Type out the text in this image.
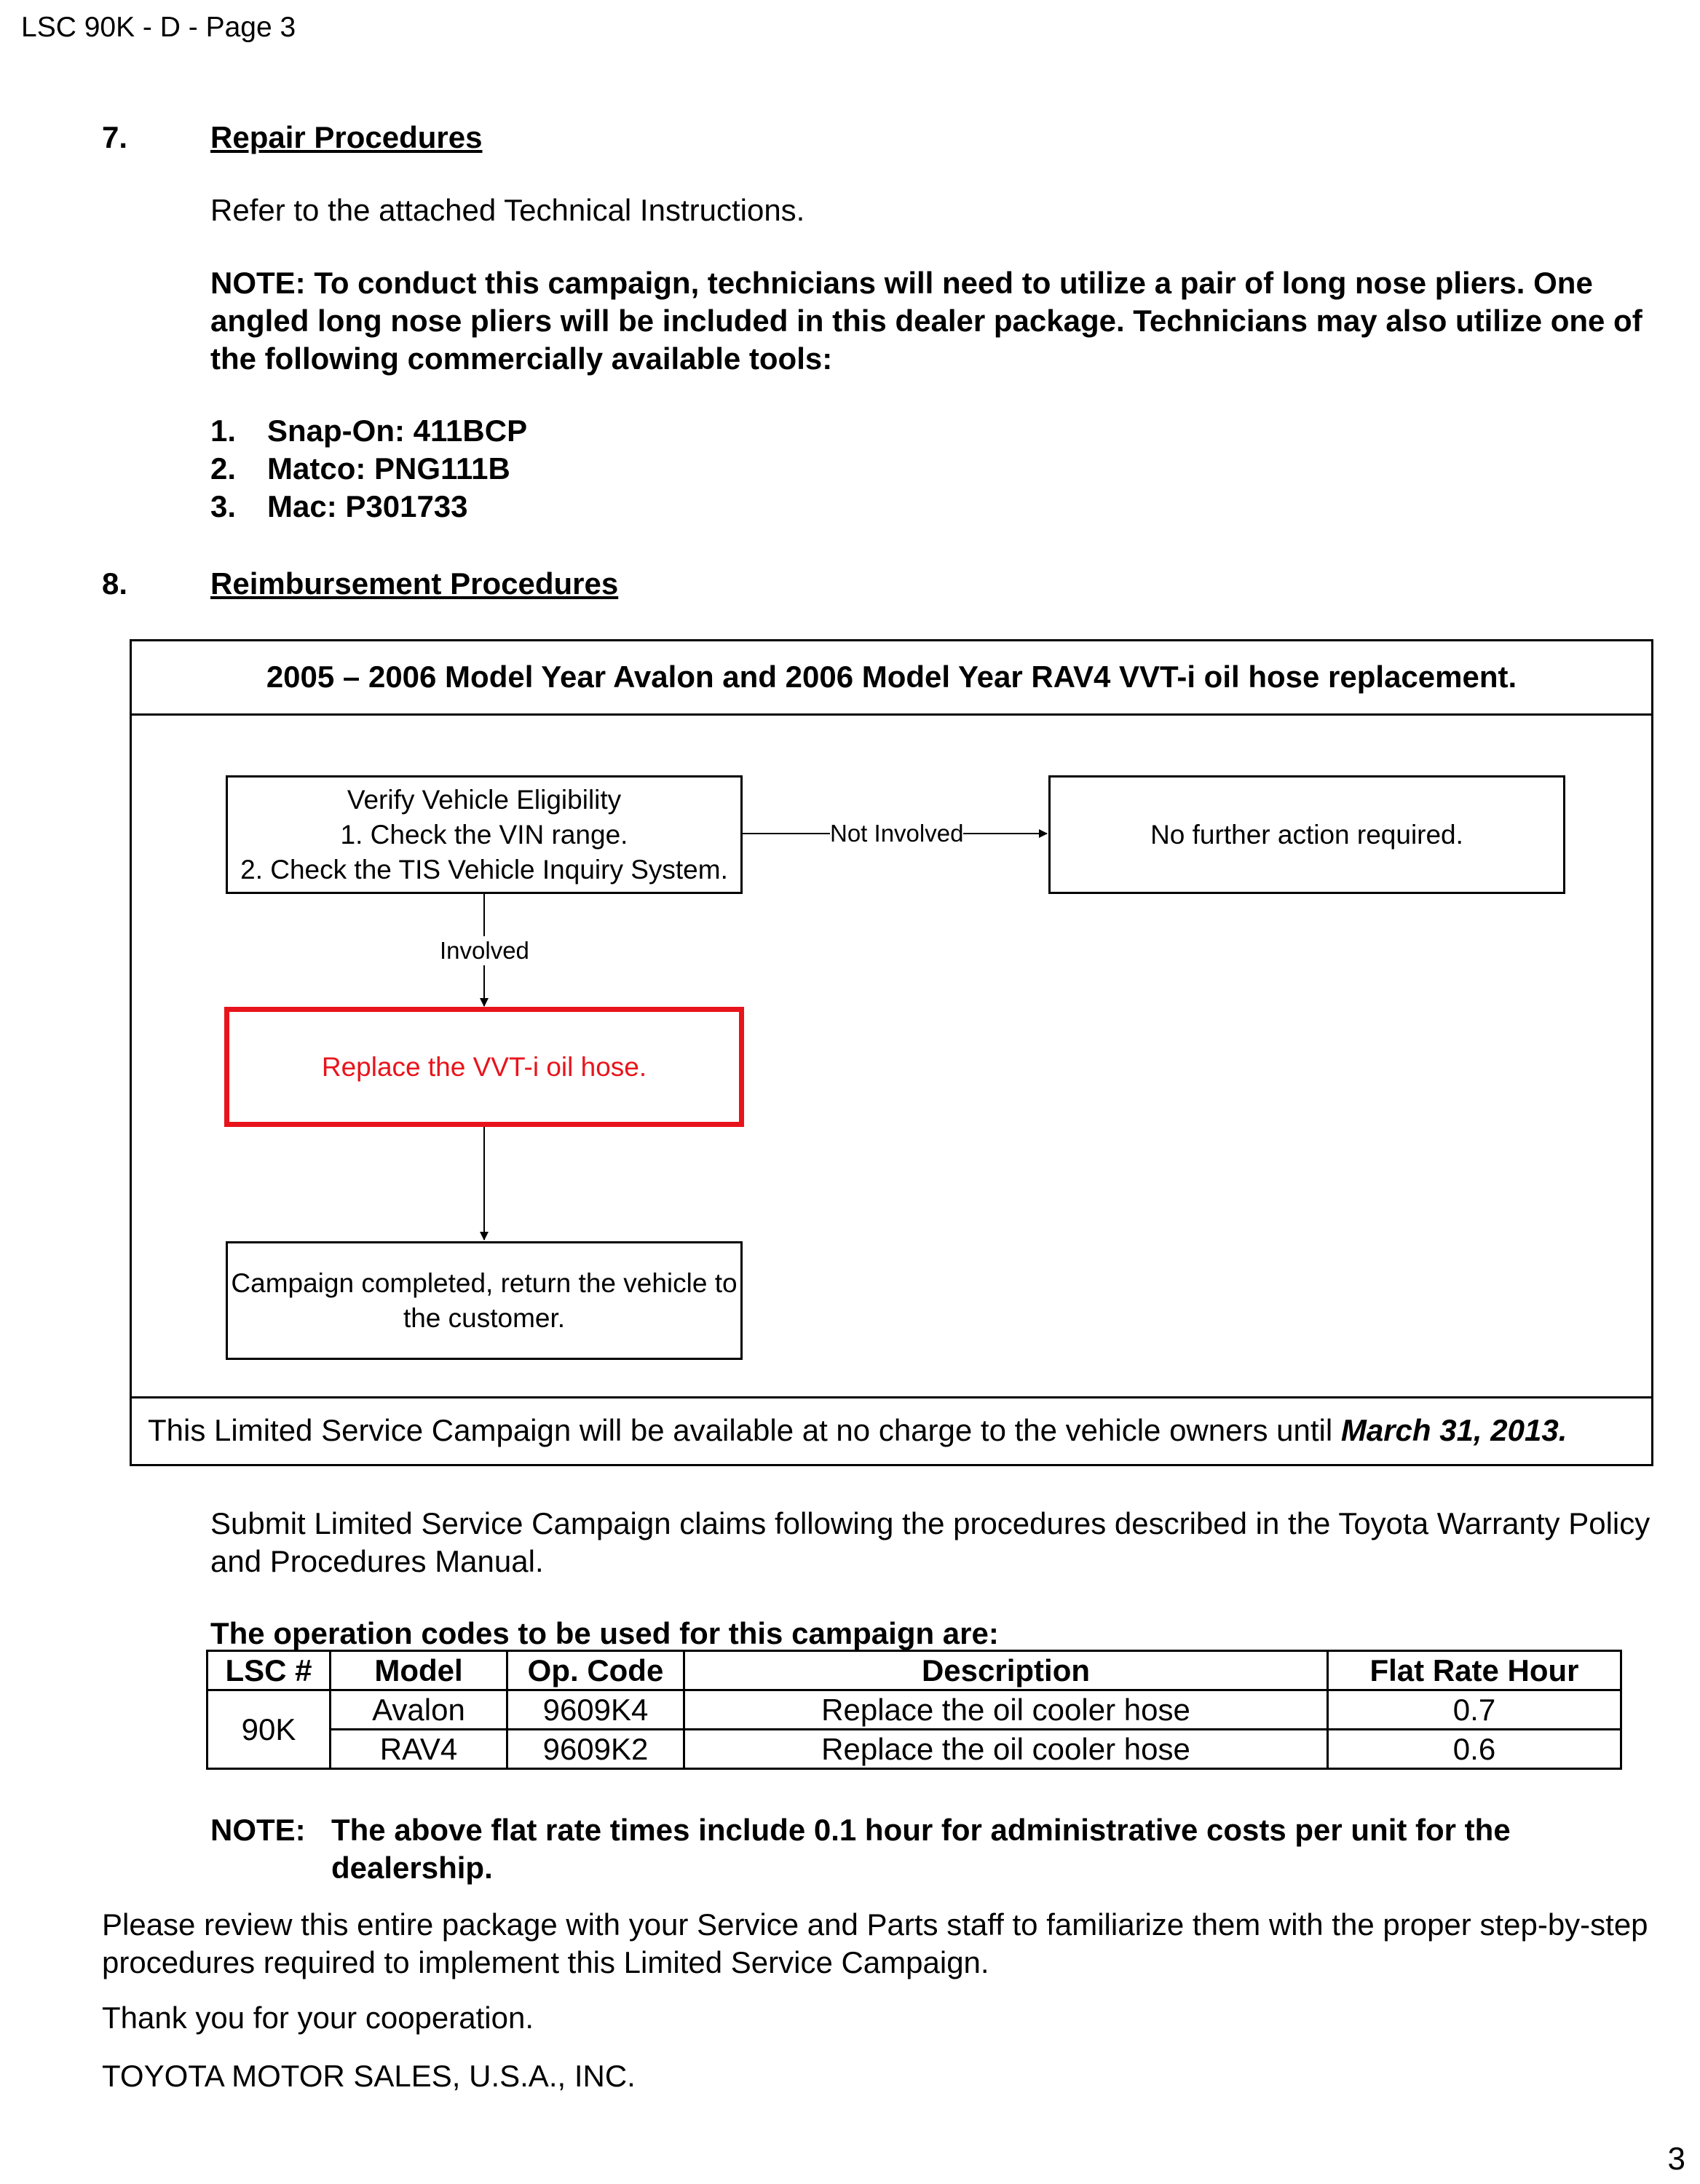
LSC 90K - D - Page 3
7.	Repair Procedures
Refer to the attached Technical Instructions.
NOTE: To conduct this campaign, technicians will need to utilize a pair of long nose pliers. One angled long nose pliers will be included in this dealer package. Technicians may also utilize one of the following commercially available tools:
1. Snap-On: 411BCP
2. Matco: PNG111B
3. Mac: P301733
8.	Reimbursement Procedures
2005 – 2006 Model Year Avalon and 2006 Model Year RAV4 VVT-i oil hose replacement.
Verify Vehicle Eligibility
1. Check the VIN range.
2. Check the TIS Vehicle Inquiry System.
Not Involved	No further action required.
Involved
Replace the VVT-i oil hose.
Campaign completed, return the vehicle to
the customer.
This Limited Service Campaign will be available at no charge to the vehicle owners until March 31, 2013.
Submit Limited Service Campaign claims following the procedures described in the Toyota Warranty Policy and Procedures Manual.
The operation codes to be used for this campaign are:
LSC #	Model	Op. Code	Description	Flat Rate Hour
90K	Avalon	9609K4	Replace the oil cooler hose	0.7
	RAV4	9609K2	Replace the oil cooler hose	0.6
NOTE: The above flat rate times include 0.1 hour for administrative costs per unit for the dealership.
Please review this entire package with your Service and Parts staff to familiarize them with the proper step-by-step procedures required to implement this Limited Service Campaign.
Thank you for your cooperation.
TOYOTA MOTOR SALES, U.S.A., INC.
3
